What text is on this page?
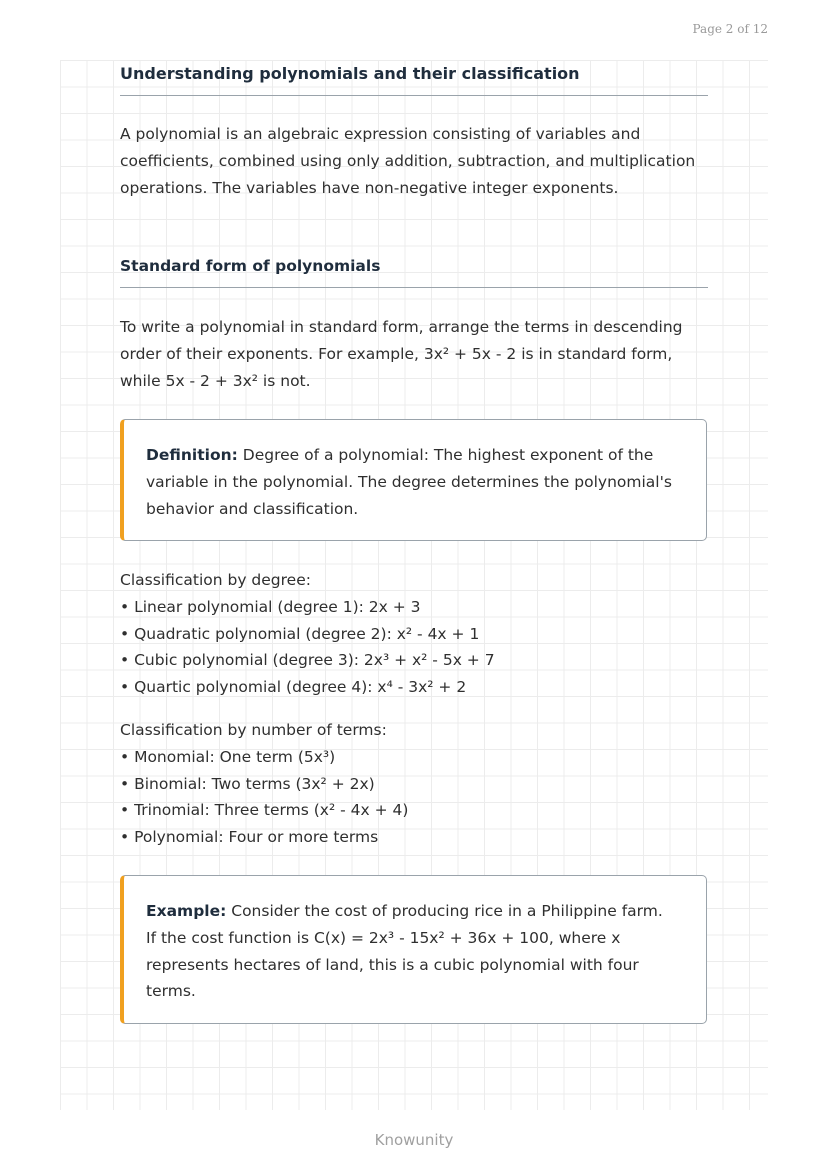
Page 2 of 12
Understanding polynomials and their classification
A polynomial is an algebraic expression consisting of variables and coefficients, combined using only addition, subtraction, and multiplication operations. The variables have non-negative integer exponents.
Standard form of polynomials
To write a polynomial in standard form, arrange the terms in descending order of their exponents. For example, 3x² + 5x - 2 is in standard form, while 5x - 2 + 3x² is not.
Definition: Degree of a polynomial: The highest exponent of the variable in the polynomial. The degree determines the polynomial's behavior and classification.
Classification by degree:
• Linear polynomial (degree 1): 2x + 3
• Quadratic polynomial (degree 2): x² - 4x + 1
• Cubic polynomial (degree 3): 2x³ + x² - 5x + 7
• Quartic polynomial (degree 4): x⁴ - 3x² + 2
Classification by number of terms:
• Monomial: One term (5x³)
• Binomial: Two terms (3x² + 2x)
• Trinomial: Three terms (x² - 4x + 4)
• Polynomial: Four or more terms
Example: Consider the cost of producing rice in a Philippine farm. If the cost function is C(x) = 2x³ - 15x² + 36x + 100, where x represents hectares of land, this is a cubic polynomial with four terms.
Knowunity
